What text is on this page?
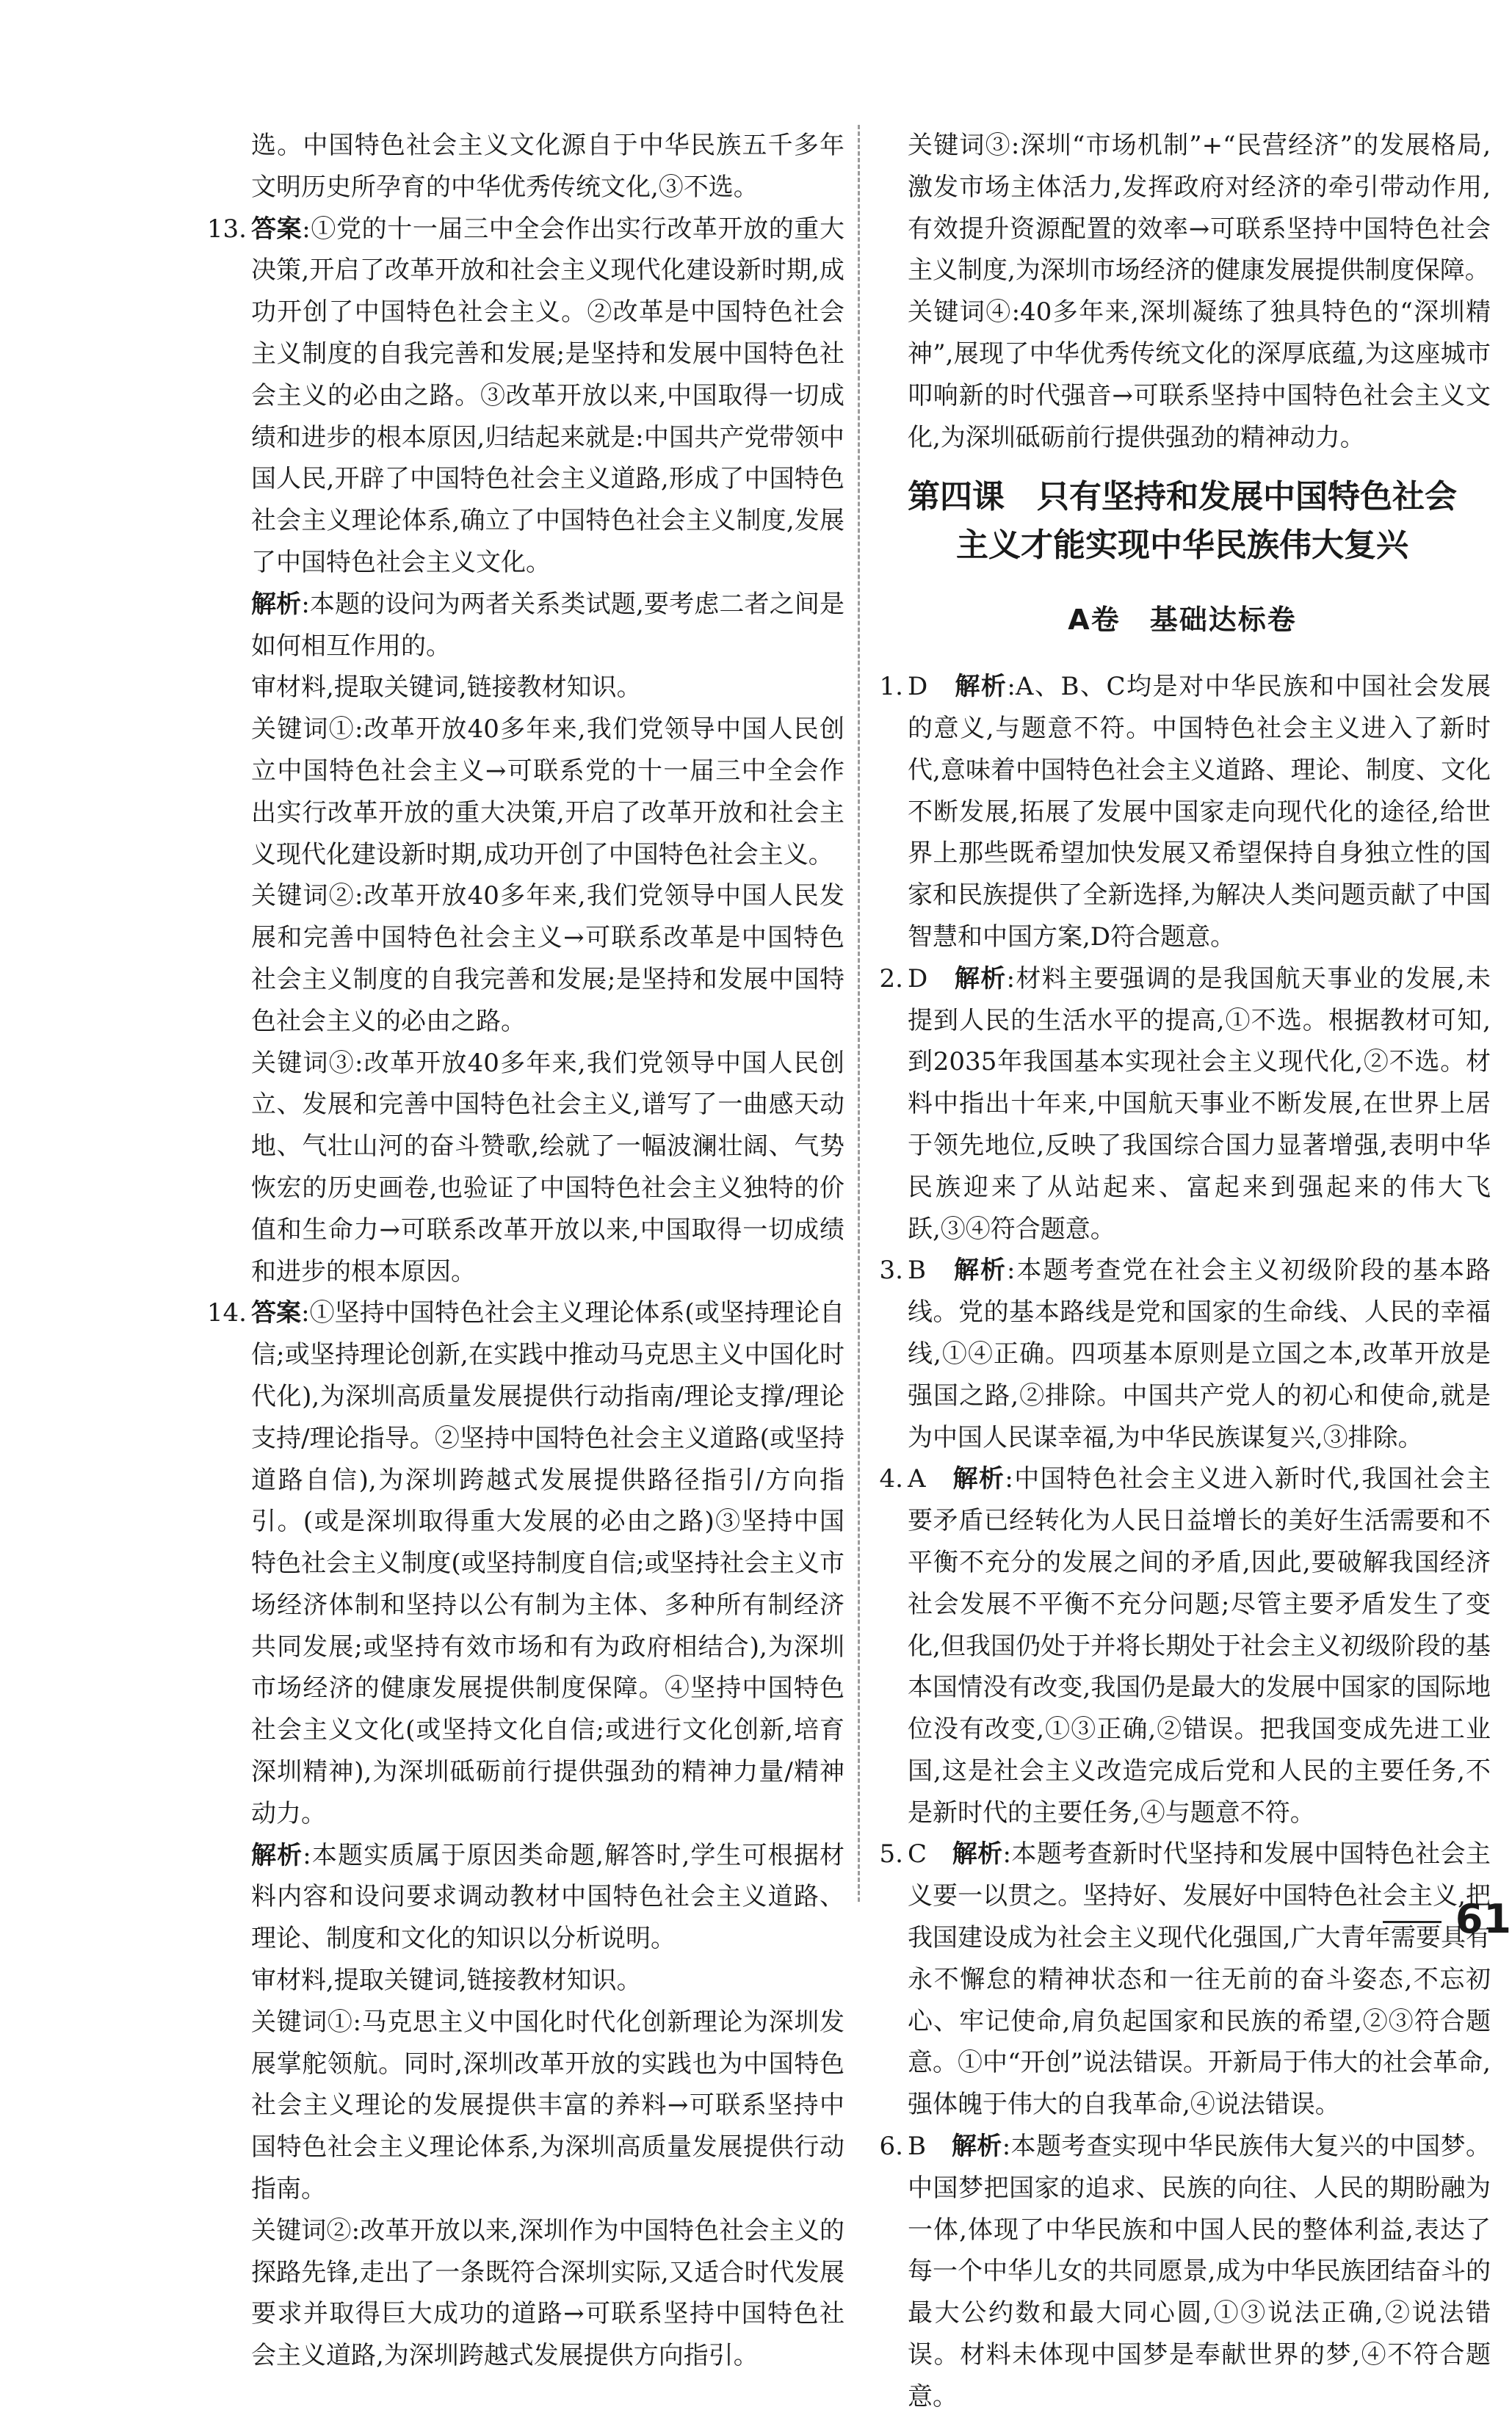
选。中国特色社会主义文化源自于中华民族五千多年文明历史所孕育的中华优秀传统文化,③不选。

13. 答案:①党的十一届三中全会作出实行改革开放的重大决策,开启了改革开放和社会主义现代化建设新时期,成功开创了中国特色社会主义。②改革是中国特色社会主义制度的自我完善和发展;是坚持和发展中国特色社会主义的必由之路。③改革开放以来,中国取得一切成绩和进步的根本原因,归结起来就是:中国共产党带领中国人民,开辟了中国特色社会主义道路,形成了中国特色社会主义理论体系,确立了中国特色社会主义制度,发展了中国特色社会主义文化。

解析:本题的设问为两者关系类试题,要考虑二者之间是如何相互作用的。

审材料,提取关键词,链接教材知识。

关键词①:改革开放40多年来,我们党领导中国人民创立中国特色社会主义→可联系党的十一届三中全会作出实行改革开放的重大决策,开启了改革开放和社会主义现代化建设新时期,成功开创了中国特色社会主义。

关键词②:改革开放40多年来,我们党领导中国人民发展和完善中国特色社会主义→可联系改革是中国特色社会主义制度的自我完善和发展;是坚持和发展中国特色社会主义的必由之路。

关键词③:改革开放40多年来,我们党领导中国人民创立、发展和完善中国特色社会主义,谱写了一曲感天动地、气壮山河的奋斗赞歌,绘就了一幅波澜壮阔、气势恢宏的历史画卷,也验证了中国特色社会主义独特的价值和生命力→可联系改革开放以来,中国取得一切成绩和进步的根本原因。

14. 答案:①坚持中国特色社会主义理论体系(或坚持理论自信;或坚持理论创新,在实践中推动马克思主义中国化时代化),为深圳高质量发展提供行动指南/理论支撑/理论支持/理论指导。②坚持中国特色社会主义道路(或坚持道路自信),为深圳跨越式发展提供路径指引/方向指引。(或是深圳取得重大发展的必由之路)③坚持中国特色社会主义制度(或坚持制度自信;或坚持社会主义市场经济体制和坚持以公有制为主体、多种所有制经济共同发展;或坚持有效市场和有为政府相结合),为深圳市场经济的健康发展提供制度保障。④坚持中国特色社会主义文化(或坚持文化自信;或进行文化创新,培育深圳精神),为深圳砥砺前行提供强劲的精神力量/精神动力。

解析:本题实质属于原因类命题,解答时,学生可根据材料内容和设问要求调动教材中国特色社会主义道路、理论、制度和文化的知识以分析说明。

审材料,提取关键词,链接教材知识。

关键词①:马克思主义中国化时代化创新理论为深圳发展掌舵领航。同时,深圳改革开放的实践也为中国特色社会主义理论的发展提供丰富的养料→可联系坚持中国特色社会主义理论体系,为深圳高质量发展提供行动指南。

关键词②:改革开放以来,深圳作为中国特色社会主义的探路先锋,走出了一条既符合深圳实际,又适合时代发展要求并取得巨大成功的道路→可联系坚持中国特色社会主义道路,为深圳跨越式发展提供方向指引。

关键词③:深圳“市场机制”+“民营经济”的发展格局,激发市场主体活力,发挥政府对经济的牵引带动作用,有效提升资源配置的效率→可联系坚持中国特色社会主义制度,为深圳市场经济的健康发展提供制度保障。

关键词④:40多年来,深圳凝练了独具特色的“深圳精神”,展现了中华优秀传统文化的深厚底蕴,为这座城市叩响新的时代强音→可联系坚持中国特色社会主义文化,为深圳砥砺前行提供强劲的精神动力。

第四课　只有坚持和发展中国特色社会
主义才能实现中华民族伟大复兴
A卷　基础达标卷

1. D　 解析:A、B、C均是对中华民族和中国社会发展的意义,与题意不符。中国特色社会主义进入了新时代,意味着中国特色社会主义道路、理论、制度、文化不断发展,拓展了发展中国家走向现代化的途径,给世界上那些既希望加快发展又希望保持自身独立性的国家和民族提供了全新选择,为解决人类问题贡献了中国智慧和中国方案,D符合题意。

2. D　 解析:材料主要强调的是我国航天事业的发展,未提到人民的生活水平的提高,①不选。根据教材可知,到2035年我国基本实现社会主义现代化,②不选。材料中指出十年来,中国航天事业不断发展,在世界上居于领先地位,反映了我国综合国力显著增强,表明中华民族迎来了从站起来、富起来到强起来的伟大飞跃,③④符合题意。

3. B　 解析:本题考查党在社会主义初级阶段的基本路线。党的基本路线是党和国家的生命线、人民的幸福线,①④正确。四项基本原则是立国之本,改革开放是强国之路,②排除。中国共产党人的初心和使命,就是为中国人民谋幸福,为中华民族谋复兴,③排除。

4. A　 解析:中国特色社会主义进入新时代,我国社会主要矛盾已经转化为人民日益增长的美好生活需要和不平衡不充分的发展之间的矛盾,因此,要破解我国经济社会发展不平衡不充分问题;尽管主要矛盾发生了变化,但我国仍处于并将长期处于社会主义初级阶段的基本国情没有改变,我国仍是最大的发展中国家的国际地位没有改变,①③正确,②错误。把我国变成先进工业国,这是社会主义改造完成后党和人民的主要任务,不是新时代的主要任务,④与题意不符。

5. C　 解析:本题考查新时代坚持和发展中国特色社会主义要一以贯之。坚持好、发展好中国特色社会主义,把我国建设成为社会主义现代化强国,广大青年需要具有永不懈怠的精神状态和一往无前的奋斗姿态,不忘初心、牢记使命,肩负起国家和民族的希望,②③符合题意。①中“开创”说法错误。开新局于伟大的社会革命,强体魄于伟大的自我革命,④说法错误。

6. B　 解析:本题考查实现中华民族伟大复兴的中国梦。中国梦把国家的追求、民族的向往、人民的期盼融为一体,体现了中华民族和中国人民的整体利益,表达了每一个中华儿女的共同愿景,成为中华民族团结奋斗的最大公约数和最大同心圆,①③说法正确,②说法错误。材料未体现中国梦是奉献世界的梦,④不符合题意。

61
